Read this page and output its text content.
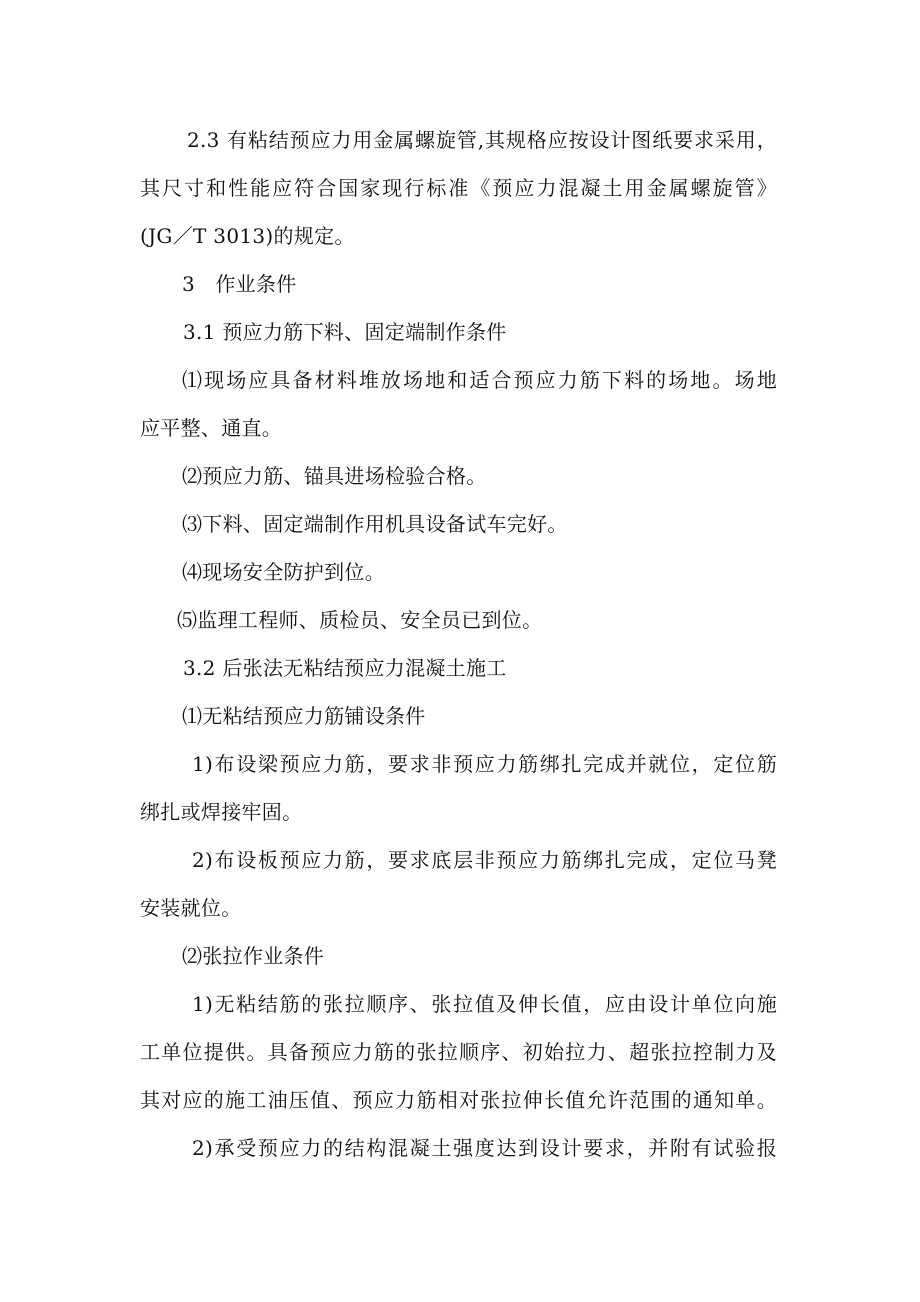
2.3 有粘结预应力用金属螺旋管,其规格应按设计图纸要求采用，
其尺寸和性能应符合国家现行标准《预应力混凝土用金属螺旋管》
(JG／T 3013)的规定。
3　作业条件
3.1 预应力筋下料、固定端制作条件
⑴现场应具备材料堆放场地和适合预应力筋下料的场地。场地
应平整、通直。
⑵预应力筋、锚具进场检验合格。
⑶下料、固定端制作用机具设备试车完好。
⑷现场安全防护到位。
⑸监理工程师、质检员、安全员已到位。
3.2 后张法无粘结预应力混凝土施工
⑴无粘结预应力筋铺设条件
1)布设梁预应力筋，要求非预应力筋绑扎完成并就位，定位筋
绑扎或焊接牢固。
2)布设板预应力筋，要求底层非预应力筋绑扎完成，定位马凳
安装就位。
⑵张拉作业条件
1)无粘结筋的张拉顺序、张拉值及伸长值，应由设计单位向施
工单位提供。具备预应力筋的张拉顺序、初始拉力、超张拉控制力及
其对应的施工油压值、预应力筋相对张拉伸长值允许范围的通知单。
2)承受预应力的结构混凝土强度达到设计要求，并附有试验报
